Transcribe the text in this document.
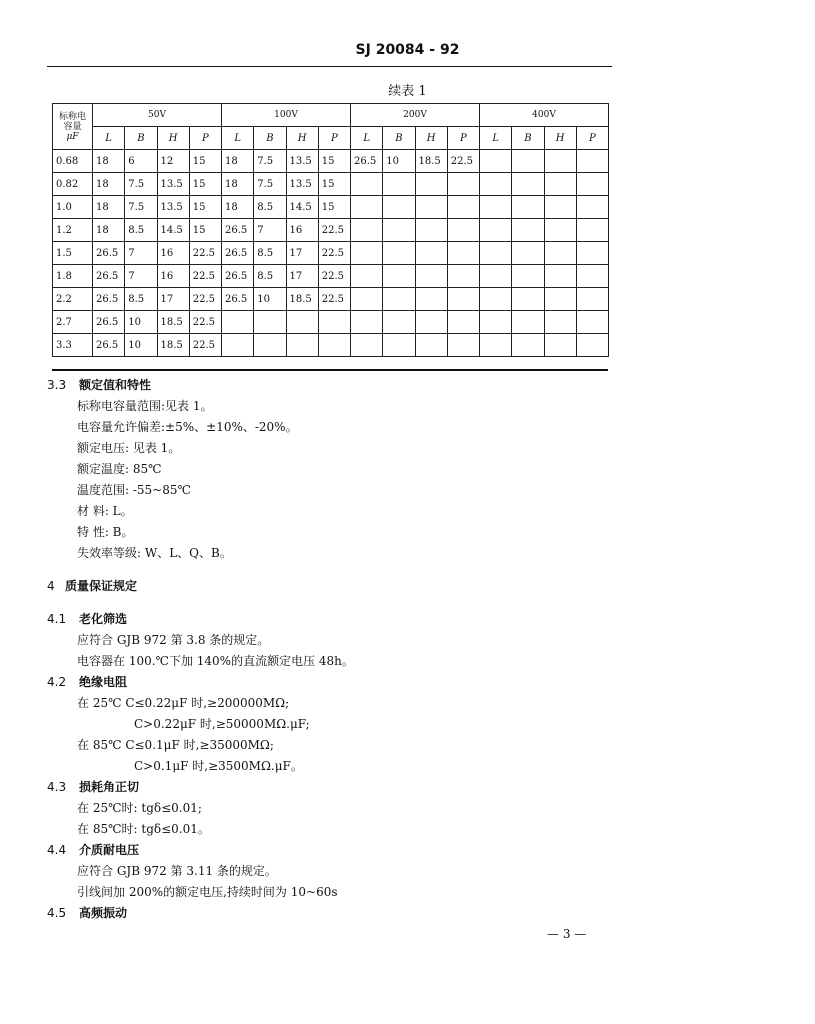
SJ 20084 - 92
续表 1
标称电
容量
μF	50V				100V				200V				400V			
	L	B	H	P	L	B	H	P	L	B	H	P	L	B	H	P
0.68	18	6	12	15	18	7.5	13.5	15	26.5	10	18.5	22.5				
0.82	18	7.5	13.5	15	18	7.5	13.5	15								
1.0	18	7.5	13.5	15	18	8.5	14.5	15								
1.2	18	8.5	14.5	15	26.5	7	16	22.5								
1.5	26.5	7	16	22.5	26.5	8.5	17	22.5								
1.8	26.5	7	16	22.5	26.5	8.5	17	22.5								
2.2	26.5	8.5	17	22.5	26.5	10	18.5	22.5								
2.7	26.5	10	18.5	22.5												
3.3	26.5	10	18.5	22.5												
3.3 额定值和特性
标称电容量范围:见表 1。
电容量允许偏差:±5%、±10%、-20%。
额定电压: 见表 1。
额定温度: 85℃
温度范围: -55~85℃
材 料: L。
特 性: B。
失效率等级: W、L、Q、B。
4 质量保证规定
4.1 老化筛选
应符合 GJB 972 第 3.8 条的规定。
电容器在 100.℃下加 140%的直流额定电压 48h。
4.2 绝缘电阻
在 25℃ C≤0.22μF 时,≥200000MΩ;
C>0.22μF 时,≥50000MΩ.μF;
在 85℃ C≤0.1μF 时,≥35000MΩ;
C>0.1μF 时,≥3500MΩ.μF。
4.3 损耗角正切
在 25℃时: tgδ≤0.01;
在 85℃时: tgδ≤0.01。
4.4 介质耐电压
应符合 GJB 972 第 3.11 条的规定。
引线间加 200%的额定电压,持续时间为 10~60s
4.5 高频振动
— 3 —
